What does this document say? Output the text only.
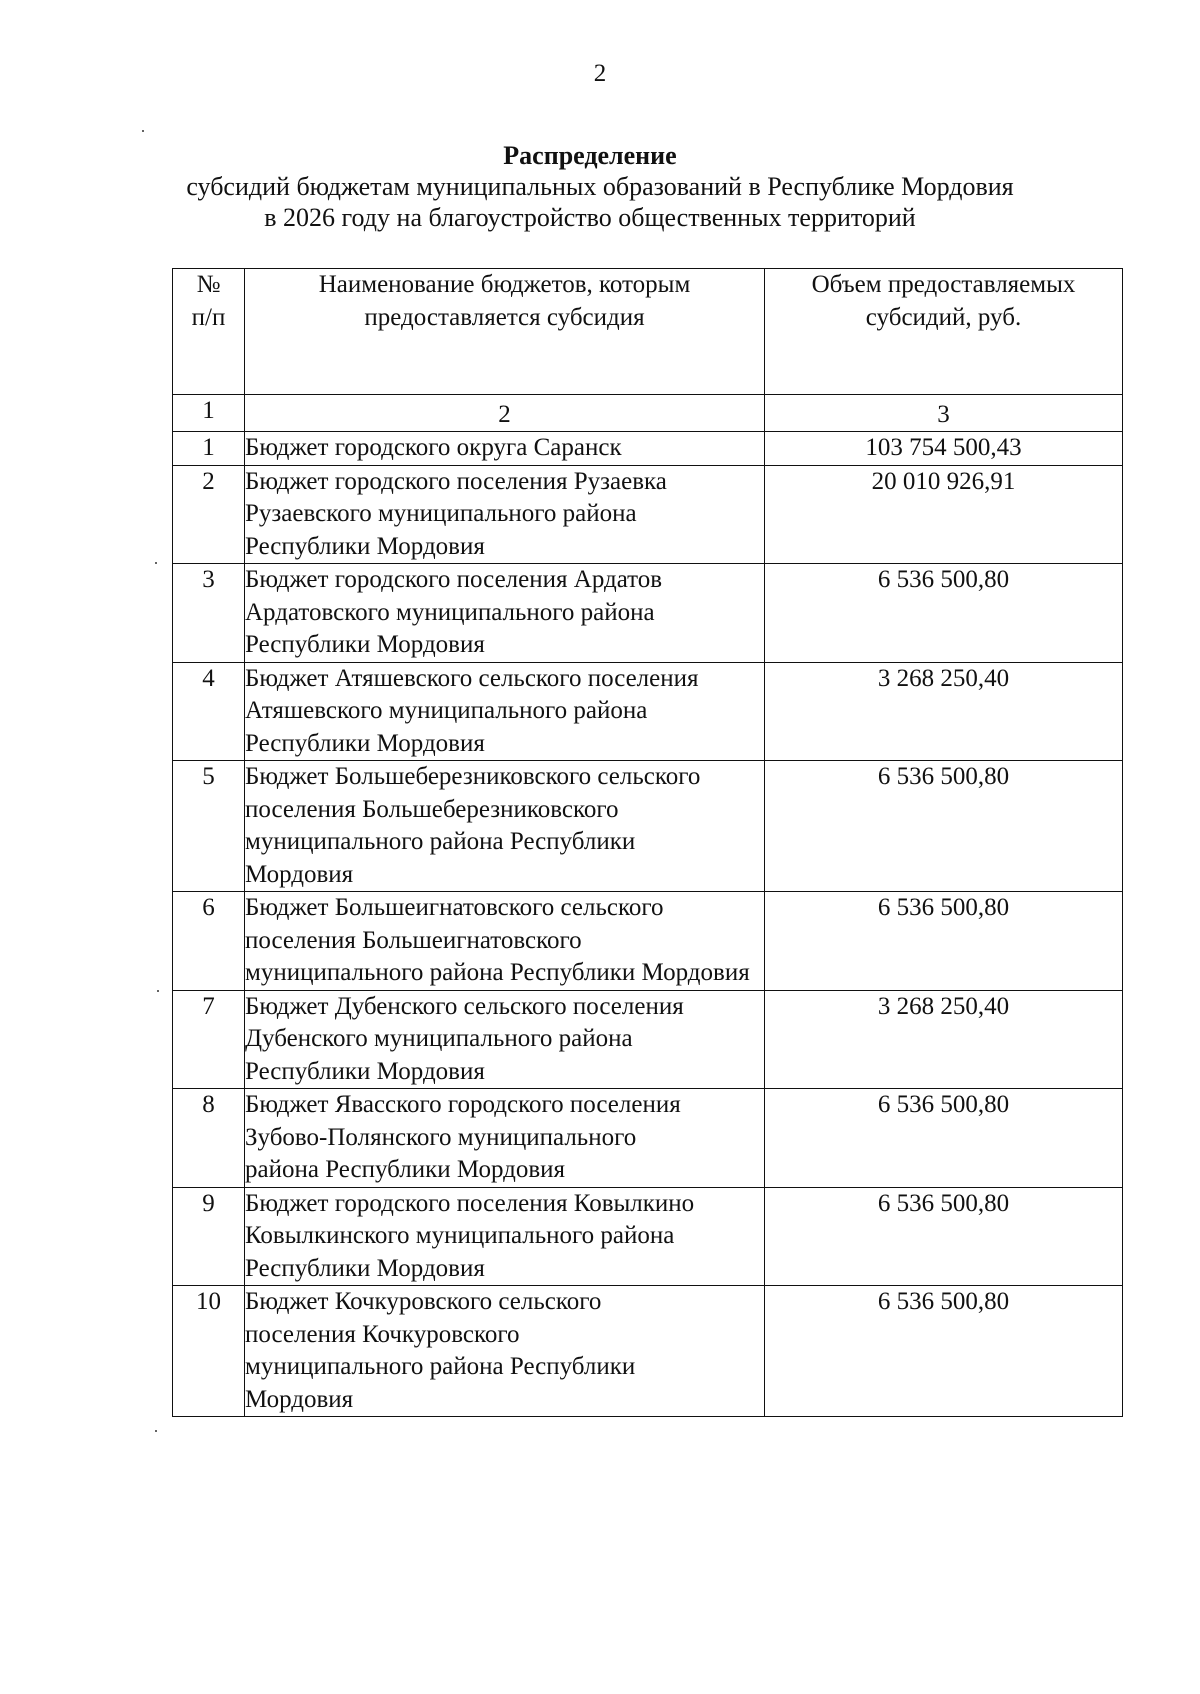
2
Распределение
субсидий бюджетам муниципальных образований в Республике Мордовия
в 2026 году на благоустройство общественных территорий
№ п/п	Наименование бюджетов, которым предоставляется субсидия	Объем предоставляемых субсидий, руб.
1	2	3
1	Бюджет городского округа Саранск	103 754 500,43
2	Бюджет городского поселения Рузаевка Рузаевского муниципального района Республики Мордовия	20 010 926,91
3	Бюджет городского поселения Ардатов Ардатовского муниципального района Республики Мордовия	6 536 500,80
4	Бюджет Атяшевского сельского поселения Атяшевского муниципального района Республики Мордовия	3 268 250,40
5	Бюджет Большеберезниковского сельского поселения Большеберезниковского муниципального района Республики Мордовия	6 536 500,80
6	Бюджет Большеигнатовского сельского поселения Большеигнатовского муниципального района Республики Мордовия	6 536 500,80
7	Бюджет Дубенского сельского поселения Дубенского муниципального района Республики Мордовия	3 268 250,40
8	Бюджет Явасского городского поселения Зубово-Полянского муниципального района Республики Мордовия	6 536 500,80
9	Бюджет городского поселения Ковылкино Ковылкинского муниципального района Республики Мордовия	6 536 500,80
10	Бюджет Кочкуровского сельского поселения Кочкуровского муниципального района Республики Мордовия	6 536 500,80
